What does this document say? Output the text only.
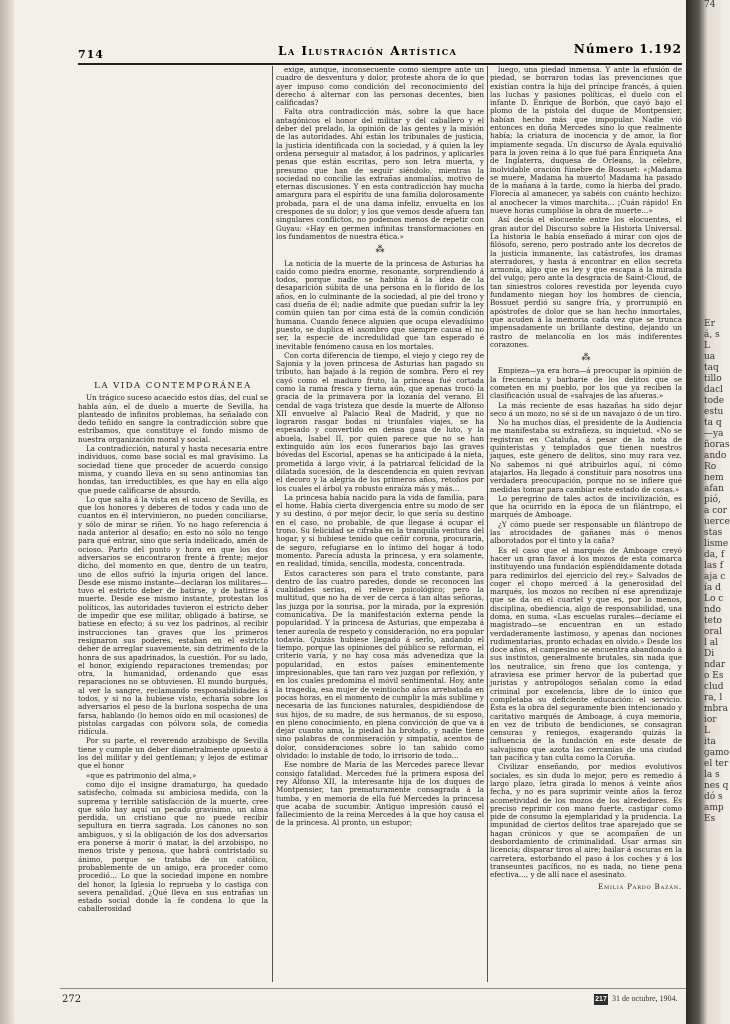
714	La Ilustración Artística	Número 1.192
LA VIDA CONTEMPORÁNEA

Un trágico suceso acaecido estos días, del cual se habla aún, el de duelo a muerte de Sevilla, ha planteado de infinitos problemas, ha señalado con dedo teñido en sangre la contradicción sobre que estribamos, que constituye el fondo mismo de nuestra organización moral y social.

La contradicción, natural y hasta necesaria entre individuos, como base social es mal gravísimo. La sociedad tiene que proceder de acuerdo consigo misma, y cuando lleva en su seno antinomias tan hondas, tan irreductibles, es que hay en ella algo que puede calificarse de absurdo.

Lo que salta á la vista en el suceso de Sevilla, es que los honores y deberes de todos y cada uno de cuantos en él intervinieron, no pueden conciliarse, y sólo de mirar se riñen. Yo no hago referencia á nada anterior al desafío; en esto no sólo no tengo para qué entrar, sino que sería indelicado, amén de ocioso. Parto del punto y hora en que los dos adversarios se encontraron frente á frente; mejor dicho, del momento en que, dentro de un teatro, uno de ellos sufrió la injuria origen del lance. Desde ese mismo instante—declaran los militares—tuvo el estricto deber de batirse, y de batirse á muerte. Desde ese mismo instante, protestan los políticos, las autoridades tuvieron el estricto deber de impedir que ese militar, obligado á batirse, se batiese en efecto; á su vez los padrinos, al recibir instrucciones tan graves que los primeros resignaron sus poderes, estaban en el estricto deber de arreglar suavemente, sin detrimento de la honra de sus apadrinados, la cuestión. Por su lado, el honor, exigiendo reparaciones tremendas; por otra, la humanidad, ordenando que esas reparaciones no se obtuviesen. El mundo burgués, al ver la sangre, reclamando responsabilidades á todos, y si no la hubiese visto, echaría sobre los adversarios el peso de la burlona sospecha de una farsa, hablando (lo hemos oído en mil ocasiones) de pistolas cargadas con pólvora sola, de comedia ridícula.

Por su parte, el reverendo arzobispo de Sevilla tiene y cumple un deber diametralmente opuesto á los del militar y del gentleman; y lejos de estimar que el honor

«que es patrimonio del alma,»

como dijo el insigne dramaturgo, ha quedado satisfecho, colmada su ambiciosa medida, con la suprema y terrible satisfacción de la muerte, cree que sólo hay aquí un pecado gravísimo, un alma perdida, un cristiano que no puede recibir sepultura en tierra sagrada. Los cánones no son ambiguos, y si la obligación de los dos adversarios era ponerse á morir ó matar, la del arzobispo, no menos triste y penosa, que habrá contristado su ánimo, porque se trataba de un católico, probablemente de un amigo, era proceder como procedió… Lo que la sociedad impone en nombre del honor, la Iglesia lo reprueba y lo castiga con severa penalidad. ¿Qué lleva en sus entrañas un estado social donde la fe condena lo que la caballerosidad

exige, aunque, inconsecuente como siempre ante un cuadro de desventura y dolor, proteste ahora de lo que ayer impuso como condición del reconocimiento del derecho á alternar con las personas decentes, bien calificadas?

Falta otra contradicción más, sobre la que hace antagónicos el honor del militar y del caballero y el deber del prelado, la opinión de las gentes y la misión de las autoridades. Ahí están los tribunales de justicia, la justicia identificada con la sociedad, y á quien la ley ordena perseguir al matador, á los padrinos, y aplicarles penas que están escritas, pero son letra muerta, y presumo que han de seguir siéndolo, mientras la sociedad no concilie las extrañas anomalías, motivo de eternas discusiones. Y en esta contradicción hay mucha amargura para el espíritu de una familia dolorosamente probada, para el de una dama infeliz, envuelta en los crespones de su dolor; y los que vemos desde afuera tan singulares conflictos, no podemos menos de repetir con Guyau: «Hay en germen infinitas transformaciones en los fundamentos de nuestra ética.»

⁂

La noticia de la muerte de la princesa de Asturias ha caído como piedra enorme, resonante, sorprendiendo á todos, porque nadie se habitúa á la idea de la desaparición súbita de una persona en lo florido de los años, en lo culminante de la sociedad, al pie del trono y casi dueña de él; nadie admite que puedan sufrir la ley común quien tan por cima está de la común condición humana. Cuando fenece alguien que ocupa elevadísimo puesto, se duplica el asombro que siempre causa el no ser, la especie de incredulidad que tan esperado é inevitable fenómeno causa en los mortales.

Con corta diferencia de tiempo, el viejo y ciego rey de Sajonia y la joven princesa de Asturias han pagado su tributo, han bajado á la región de sombra. Pero el rey cayó como el maduro fruto, la princesa fué cortada como la rama fresca y tierna aún, que apenas trocó la gracia de la primavera por la lozanía del verano. El cendal de vaga tristeza que desde la muerte de Alfonso XII envuelve al Palacio Real de Madrid, y que no lograron rasgar bodas ni triunfales viajes, se ha espesado y convertido en densa gasa de luto, y la abuela, Isabel II, por quien parece que no se han extinguido aún los ecos funerarios bajo las graves bóvedas del Escorial, apenas se ha anticipado á la nieta, prometida á largo vivir, á la patriarcal felicidad de la dilatada sucesión, de la descendencia en quien revivan el decoro y la alegría de los primeros años, retoños por los cuales el árbol ya robusto enraíza más y más…

La princesa había nacido para la vida de familia, para el home. Había cierta divergencia entre su modo de ser y su destino, ó por mejor decir, lo que sería su destino en el caso, no probable, de que llegase á ocupar el trono. Su felicidad se cifraba en la tranquila ventura del hogar, y si hubiese tenido que ceñir corona, procuraría, de seguro, refugiarse en lo íntimo del hogar á todo momento. Parecía adusta la princesa, y era solamente, en realidad, tímida, sencilla, modesta, concentrada.

Estos caracteres son para el trato constante, para dentro de las cuatro paredes, donde se reconocen las cualidades serias, el relieve psicológico; pero la multitud, que no ha de ver de cerca á tan altas señoras, las juzga por la sonrisa, por la mirada, por la expresión comunicativa. De la manifestación externa pende la popularidad. Y la princesa de Asturias, que empezaba á tener aureola de respeto y consideración, no era popular todavía. Quizás hubiese llegado á serlo, andando el tiempo, porque las opiniones del público se reforman, el criterio varía, y no hay cosa más advenediza que la popularidad, en estos países eminentemente impresionables, que tan raro vez juzgan por reflexión, y en los cuales predomina el móvil sentimental. Hoy, ante la tragedia, esa mujer de veintiocho años arrebatada en pocas horas, en el momento de cumplir la más sublime y necesaria de las funciones naturales, despidiéndose de sus hijos, de su madre, de sus hermanos, de su esposo, en pleno conocimiento, en plena convicción de que va á dejar cuanto ama, la piedad ha brotado, y nadie tiene sino palabras de conmiseración y simpatía, acentos de dolor, consideraciones sobre lo tan sabido como olvidado: lo instable de todo, lo irrisorio de todo…

Ese nombre de María de las Mercedes parece llevar consigo fatalidad. Mercedes fué la primera esposa del rey Alfonso XII, la interesante hija de los duques de Montpensier, tan prematuramente consagrada á la tumba, y en memoria de ella fué Mercedes la princesa que acaba de sucumbir. Antiguo impresión causó el fallecimiento de la reina Mercedes á la que hoy causa el de la princesa. Al pronto, un estupor;

luego, una piedad inmensa. Y ante la efusión de piedad, se borraron todas las prevenciones que existían contra la hija del príncipe francés, á quien las luchas y pasiones políticas, el duelo con el infante D. Enrique de Borbón, que cayó bajo el plomo de la pistola del duque de Montpensier, habían hecho más que impopular. Nadie vió entonces en doña Mercedes sino lo que realmente había; la criatura de inocencia y de amor, la flor impiamente segada. Un discurso de Ayala equivalió para la joven reina á lo que fué para Enriqueta Ana de Inglaterra, duquesa de Orleans, la célebre, inolvidable oración fúnebre de Bossuet: «¡Madama se muere, Madama ha muerto! Madama ha pasado de la mañana á la tarde, como la hierba del prado. Florecía al amanecer, ya sabéis con cuánto hechizo: al anochecer la vimos marchita… ¡Cuán rápido! En nueve horas cumplióse la obra de muerte…»

Así decía el elocuente entre los elocuentes, el gran autor del Discurso sobre la Historia Universal. La historia le había enseñado á mirar con ojos de filósofo, sereno, pero postrado ante los decretos de la justicia inmanente, las catástrofes, los dramas aterradores, y hasta á encontrar en ellos secreta armonía, algo que es ley y que escapa á la mirada del vulgo; pero ante la desgracia de Saint-Cloud, de tan siniestros colores revestida por leyenda cuyo fundamento niegan hoy los hombres de ciencia, Bossuet perdió su sangre fría, y prorrumpió en apóstrofes de dolor que se han hecho inmortales, que acuden á la memoria cada vez que se trunca impensadamente un brillante destino, dejando un rastro de melancolía en los más indiferentes corazones.

⁂

Empieza—ya era hora—á preocupar la opinión de la frecuencia y barbarie de los delitos que se cometen en mi pueblo, por los que ya reciben la clasificación usual de «salvajes de las afueras.»

La más reciente de esas hazañas ha sido dejar seco á un mozo, no sé si de un navajazo ó de un tiro.

No ha muchos días, el presidente de la Audiencia me manifestaba su extrañeza, su inquietud. «No se registran en Cataluña, á pesar de la nota de quinteristas y templados que tienen nuestros jaques, este género de delitos, sino muy rara vez. No sabemos ni qué atribuirlos aquí, ni cómo atajarlos. Ha llegado á constituir para nosotros una verdadera preocupación, porque no se infiere qué medidas tomar para cambiar este estado de cosas.»

Lo peregrino de tales actos de incivilización, es que ha ocurrido en la época de un filántropo, el marqués de Amboage.

¿Y cómo puede ser responsable un filántropo de las atrocidades de gañanes más ó menos alborotados por el tinto y la caña?

Es el caso que el marqués de Amboage creyó hacer un gran favor á los mozos de esta comarca instituyendo una fundación espléndidamente dotada para redimirlos del ejercicio del rey.» Salvados de coger el chopo merced á la generosidad del marqués, los mozos no reciben ni ese aprendizaje que se da en el cuartel y que es, por lo menos, disciplina, obediencia, algo de responsabilidad, una doma, en suma. «Las escuelas rurales—decíame el magistrado—se encuentran en un estado verdaderamente lastimoso, y apenas dan nociones rudimentarias, pronto echadas en olvido.» Desde los doce años, el campesino se encuentra abandonado á sus instintos, generalmente brutales, sin nada que los neutralice, sin freno que los contenga, y atraviesa ese primer hervor de la pubertad que juristas y antropólogos señalan como la edad criminal por excelencia, libre de lo único que completaba su deficiente educación: el servicio. Ésta es la obra del seguramente bien intencionado y caritativo marqués de Amboage, á cuya memoria, en vez de tributo de bendiciones, se consagran censuras y reniegos, exagerando quizás la influencia de la fundación en este desate de salvajismo que azota las cercanías de una ciudad tan pacífica y tan culta como la Coruña.

Civilizar enseñando, por medios evolutivos sociales, es sin duda lo mejor, pero es remedio á largo plazo, letra girada lo menos á veinte años fecha, y no es para suprimir veinte años la feroz acometividad de los mozos de los alrededores. Es preciso reprimir con mano fuerte, castigar como pide de consumo la ejemplaridad y la prudencia. La impunidad de ciertos delitos trae aparejado que se hagan crónicos y que se acompañen de un desbordamiento de criminalidad. Usar armas sin licencia; disparar tiros al aire; bailar á oscuras en la carretera, estorbando el paso á los coches y á los transeuntes pacíficos, no es nada, no tiene pena efectiva…, y de allí nace el asesinato.

Emilia Pardo Bazán.
272	217 31 de octubre, 1904.
74

Er
á, s
L
ua
taq
tillo
dacl
tode
estu
ta q
—ya
ñoras
ando
Ro
nem
afan
pió,
a cor
uerce
stas
lisme
da, f
las f
aja c
ía d
Lo c
ndo
teto
oral
l al
Di
ndar
o Es
clud
ra, l
mbra
ior
L
ita
gamo
el ter
la s
nes q
dó s
amp
Es
